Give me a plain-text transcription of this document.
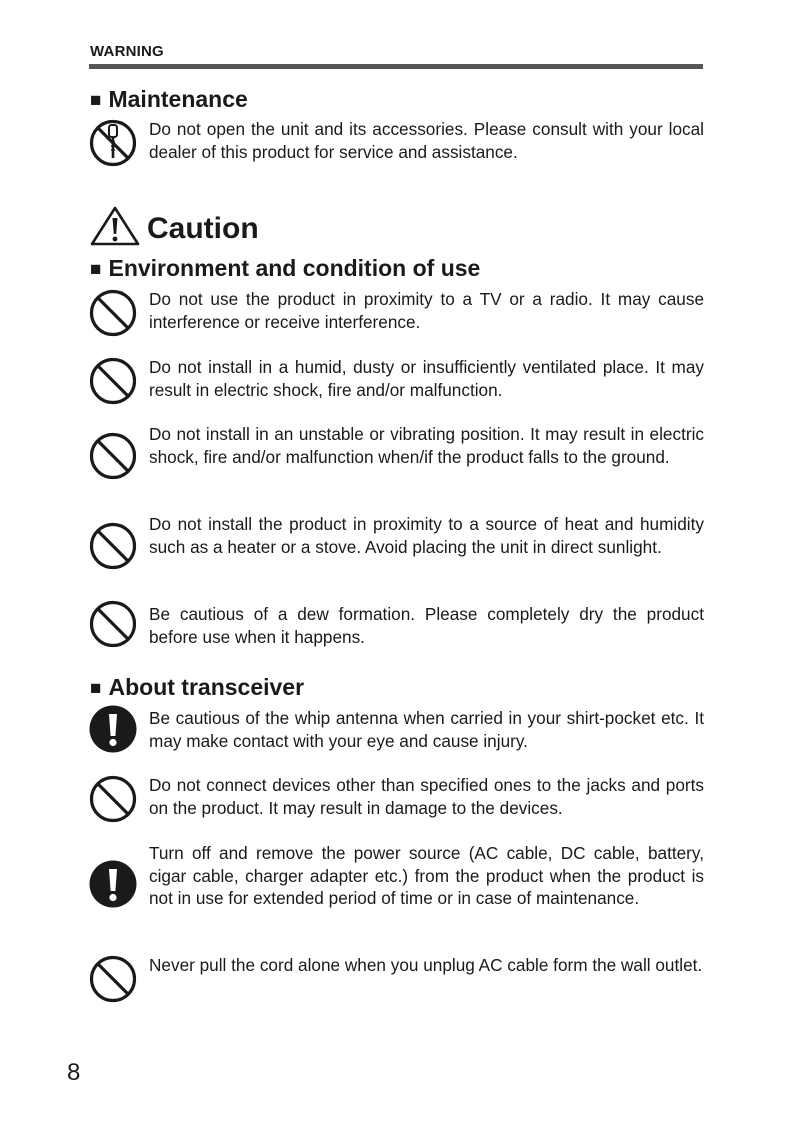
WARNING
■ Maintenance
Do not open the unit and its accessories. Please consult with your local dealer of this product for service and assistance.
Caution
■ Environment and condition of use
Do not use the product in proximity to a TV or a radio. It may cause interference or receive interference.
Do not install in a humid, dusty or insufficiently ventilated place. It may result in electric shock, fire and/or malfunction.
Do not install in an unstable or vibrating position. It may result in electric shock, fire and/or malfunction when/if the product falls to the ground.
Do not install the product in proximity to a source of heat and humidity such as a heater or a stove. Avoid placing the unit in direct sunlight.
Be cautious of a dew formation. Please completely dry the product before use when it happens.
■ About transceiver
Be cautious of the whip antenna when carried in your shirt-pocket etc. It may make contact with your eye and cause injury.
Do not connect devices other than specified ones to the jacks and ports on the product. It may result in damage to the devices.
Turn off and remove the power source (AC cable, DC cable, battery, cigar cable, charger adapter etc.) from the product when the product is not in use for extended period of time or in case of maintenance.
Never pull the cord alone when you unplug AC cable form the wall outlet.
8
